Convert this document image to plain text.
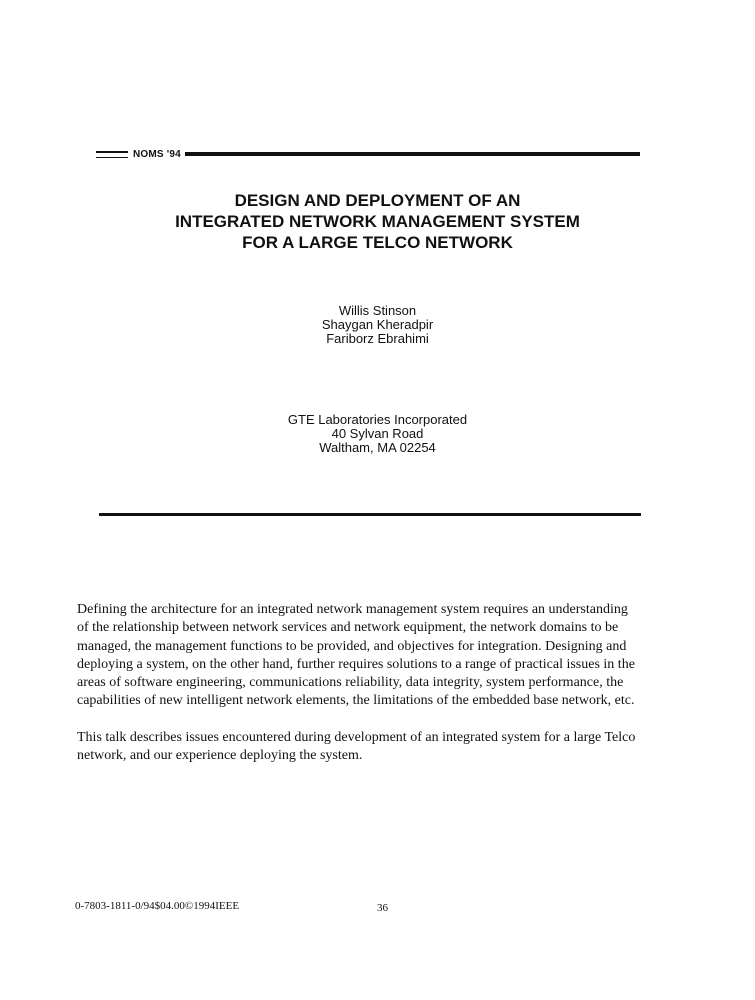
NOMS '94
DESIGN AND DEPLOYMENT OF AN
INTEGRATED NETWORK MANAGEMENT SYSTEM
FOR A LARGE TELCO NETWORK
Willis Stinson
Shaygan Kheradpir
Fariborz Ebrahimi
GTE Laboratories Incorporated
40 Sylvan Road
Waltham, MA 02254

Defining the architecture for an integrated network management system requires an understanding
of the relationship between network services and network equipment, the network domains to be
managed, the management functions to be provided, and objectives for integration. Designing and
deploying a system, on the other hand, further requires solutions to a range of practical issues in the
areas of software engineering, communications reliability, data integrity, system performance, the
capabilities of new intelligent network elements, the limitations of the embedded base network, etc.

This talk describes issues encountered during development of an integrated system for a large Telco
network, and our experience deploying the system.

0-7803-1811-0/94$04.00©1994IEEE	36
